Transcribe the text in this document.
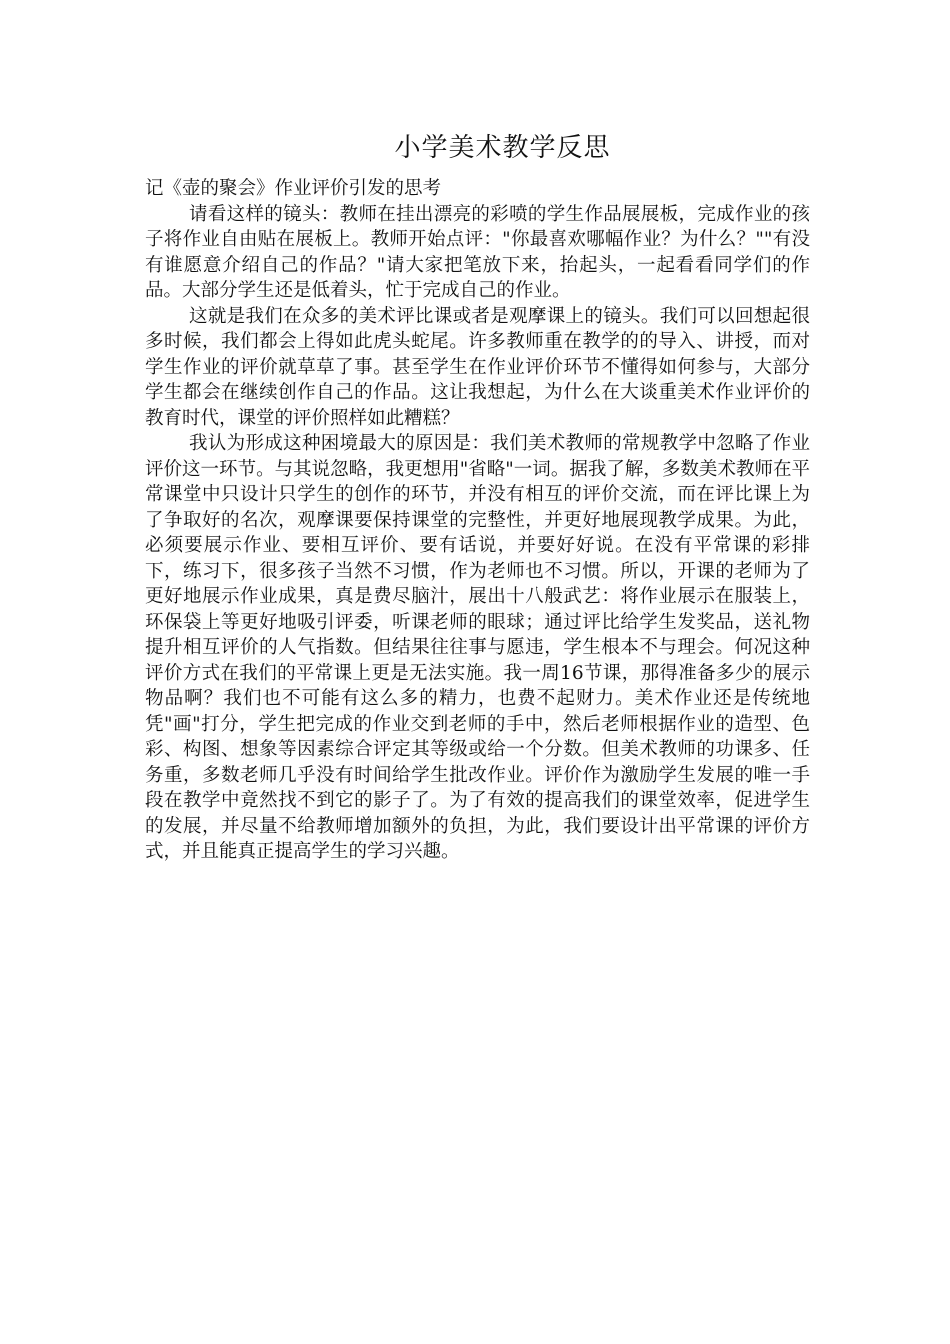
小学美术教学反思

记《壶的聚会》作业评价引发的思考

请看这样的镜头：教师在挂出漂亮的彩喷的学生作品展展板，完成作业的孩子将作业自由贴在展板上。教师开始点评："你最喜欢哪幅作业？为什么？""有没有谁愿意介绍自己的作品？"请大家把笔放下来，抬起头，一起看看同学们的作品。大部分学生还是低着头，忙于完成自己的作业。

这就是我们在众多的美术评比课或者是观摩课上的镜头。我们可以回想起很多时候，我们都会上得如此虎头蛇尾。许多教师重在教学的的导入、讲授，而对学生作业的评价就草草了事。甚至学生在作业评价环节不懂得如何参与，大部分学生都会在继续创作自己的作品。这让我想起，为什么在大谈重美术作业评价的教育时代，课堂的评价照样如此糟糕？

我认为形成这种困境最大的原因是：我们美术教师的常规教学中忽略了作业评价这一环节。与其说忽略，我更想用"省略"一词。据我了解，多数美术教师在平常课堂中只设计只学生的创作的环节，并没有相互的评价交流，而在评比课上为了争取好的名次，观摩课要保持课堂的完整性，并更好地展现教学成果。为此，必须要展示作业、要相互评价、要有话说，并要好好说。在没有平常课的彩排下，练习下，很多孩子当然不习惯，作为老师也不习惯。所以，开课的老师为了更好地展示作业成果，真是费尽脑汁，展出十八般武艺：将作业展示在服装上，环保袋上等更好地吸引评委，听课老师的眼球；通过评比给学生发奖品，送礼物提升相互评价的人气指数。但结果往往事与愿违，学生根本不与理会。何况这种评价方式在我们的平常课上更是无法实施。我一周16节课，那得准备多少的展示物品啊？我们也不可能有这么多的精力，也费不起财力。美术作业还是传统地凭"画"打分，学生把完成的作业交到老师的手中，然后老师根据作业的造型、色彩、构图、想象等因素综合评定其等级或给一个分数。但美术教师的功课多、任务重，多数老师几乎没有时间给学生批改作业。评价作为激励学生发展的唯一手段在教学中竟然找不到它的影子了。为了有效的提高我们的课堂效率，促进学生的发展，并尽量不给教师增加额外的负担，为此，我们要设计出平常课的评价方式，并且能真正提高学生的学习兴趣。
